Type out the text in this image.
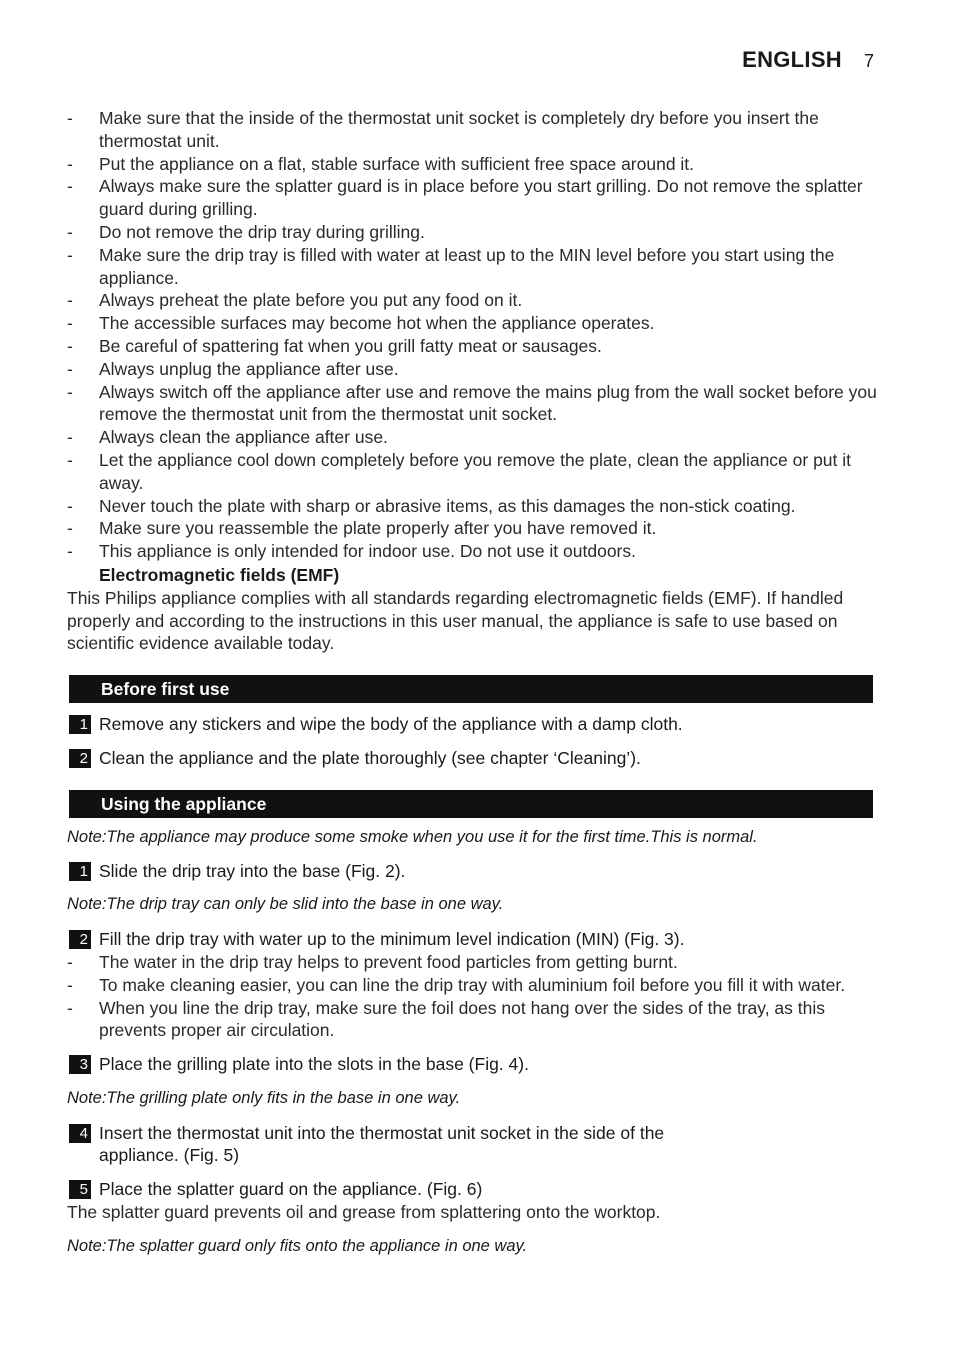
ENGLISH 7
- Make sure that the inside of the thermostat unit socket is completely dry before you insert the thermostat unit.
- Put the appliance on a flat, stable surface with sufficient free space around it.
- Always make sure the splatter guard is in place before you start grilling. Do not remove the splatter guard during grilling.
- Do not remove the drip tray during grilling.
- Make sure the drip tray is filled with water at least up to the MIN level before you start using the appliance.
- Always preheat the plate before you put any food on it.
- The accessible surfaces may become hot when the appliance operates.
- Be careful of spattering fat when you grill fatty meat or sausages.
- Always unplug the appliance after use.
- Always switch off the appliance after use and remove the mains plug from the wall socket before you remove the thermostat unit from the thermostat unit socket.
- Always clean the appliance after use.
- Let the appliance cool down completely before you remove the plate, clean the appliance or put it away.
- Never touch the plate with sharp or abrasive items, as this damages the non-stick coating.
- Make sure you reassemble the plate properly after you have removed it.
- This appliance is only intended for indoor use. Do not use it outdoors.
Electromagnetic fields (EMF)
This Philips appliance complies with all standards regarding electromagnetic fields (EMF). If handled properly and according to the instructions in this user manual, the appliance is safe to use based on scientific evidence available today.
Before first use
1 Remove any stickers and wipe the body of the appliance with a damp cloth.
2 Clean the appliance and the plate thoroughly (see chapter ‘Cleaning’).
Using the appliance
Note:The appliance may produce some smoke when you use it for the first time.This is normal.
1 Slide the drip tray into the base (Fig. 2).
Note:The drip tray can only be slid into the base in one way.
2 Fill the drip tray with water up to the minimum level indication (MIN) (Fig. 3).
- The water in the drip tray helps to prevent food particles from getting burnt.
- To make cleaning easier, you can line the drip tray with aluminium foil before you fill it with water.
- When you line the drip tray, make sure the foil does not hang over the sides of the tray, as this prevents proper air circulation.
3 Place the grilling plate into the slots in the base (Fig. 4).
Note:The grilling plate only fits in the base in one way.
4 Insert the thermostat unit into the thermostat unit socket in the side of the appliance. (Fig. 5)
5 Place the splatter guard on the appliance. (Fig. 6)
The splatter guard prevents oil and grease from splattering onto the worktop.
Note:The splatter guard only fits onto the appliance in one way.
